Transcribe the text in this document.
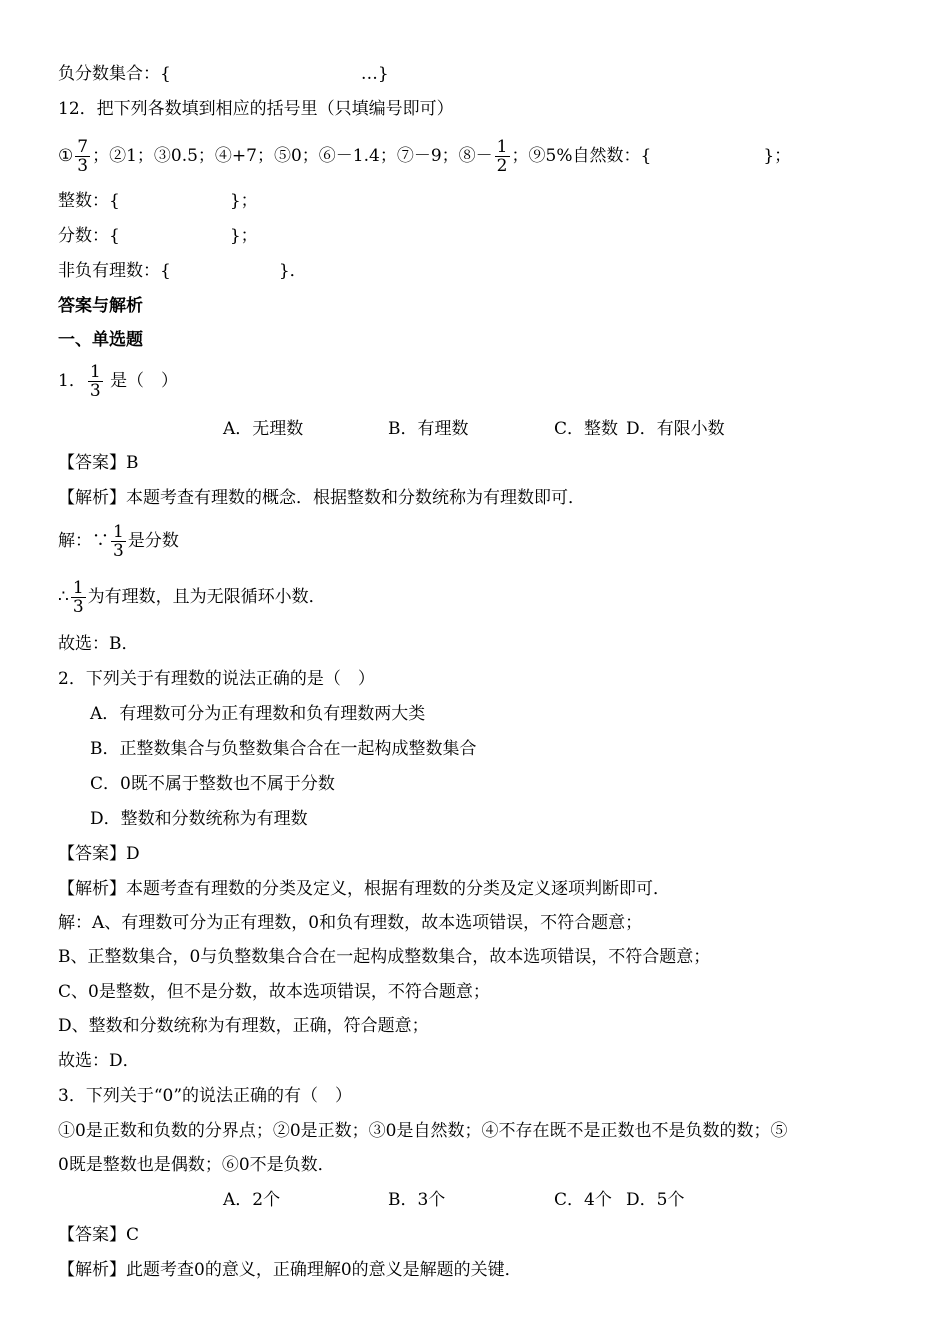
负分数集合：{	…}
12．把下列各数填到相应的括号里（只填编号即可）
① $\frac{7}{3}$ ；②1；③0.5；④+7；⑤0；⑥－1.4；⑦－9；⑧－ $\frac{1}{2}$ ；⑨5%自然数：{	}；
整数：{	}；
分数：{	}；
非负有理数：{	}．
答案与解析
一、单选题
1． $\frac{1}{3}$ 是（　）
A．无理数	B．有理数	C．整数 D．有限小数
【答案】B
【解析】本题考查有理数的概念．根据整数和分数统称为有理数即可．
解：∵ $\frac{1}{3}$ 是分数
∴ $\frac{1}{3}$ 为有理数，且为无限循环小数．
故选：B．
2．下列关于有理数的说法正确的是（　）
A．有理数可分为正有理数和负有理数两大类
B．正整数集合与负整数集合合在一起构成整数集合
C．0既不属于整数也不属于分数
D．整数和分数统称为有理数
【答案】D
【解析】本题考查有理数的分类及定义，根据有理数的分类及定义逐项判断即可．
解：A、有理数可分为正有理数，0和负有理数，故本选项错误，不符合题意；
B、正整数集合，0与负整数集合合在一起构成整数集合，故本选项错误，不符合题意；
C、0是整数，但不是分数，故本选项错误，不符合题意；
D、整数和分数统称为有理数，正确，符合题意；
故选：D．
3．下列关于“0”的说法正确的有（　）
①0是正数和负数的分界点；②0是正数；③0是自然数；④不存在既不是正数也不是负数的数；⑤
0既是整数也是偶数；⑥0不是负数．
A．2个	B．3个	C．4个 D．5个
【答案】C
【解析】此题考查0的意义，正确理解0的意义是解题的关键．
